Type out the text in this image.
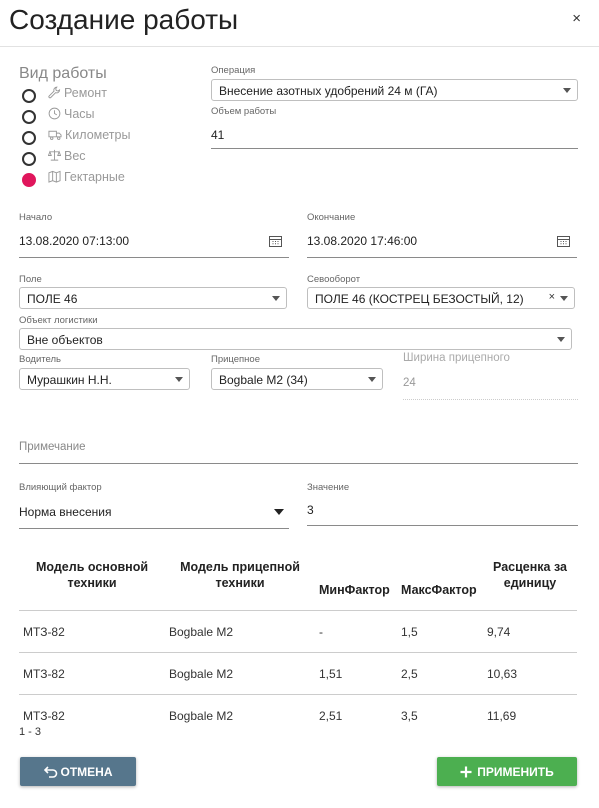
Создание работы	×
Вид работы
Ремонт
Часы
Километры
Вес
Гектарные
Операция
Внесение азотных удобрений 24 м (ГА)
Объем работы
41
Начало
13.08.2020 07:13:00
Окончание
13.08.2020 17:46:00
Поле
ПОЛЕ 46
Севооборот
ПОЛЕ 46 (КОСТРЕЦ БЕЗОСТЫЙ, 12) ×
Объект логистики
Вне объектов
Водитель
Мурашкин Н.Н.
Прицепное
Bogbale M2 (34)
Ширина прицепного
24
Примечание
Влияющий фактор
Норма внесения
Значение
3
Модель основной техники	Модель прицепной техники	МинФактор	МаксФактор	Расценка за единицу
МТЗ-82	Bogbale M2	-	1,5	9,74
МТЗ-82	Bogbale M2	1,51	2,5	10,63
МТЗ-82	Bogbale M2	2,51	3,5	11,69
1 - 3
ОТМЕНА	ПРИМЕНИТЬ
